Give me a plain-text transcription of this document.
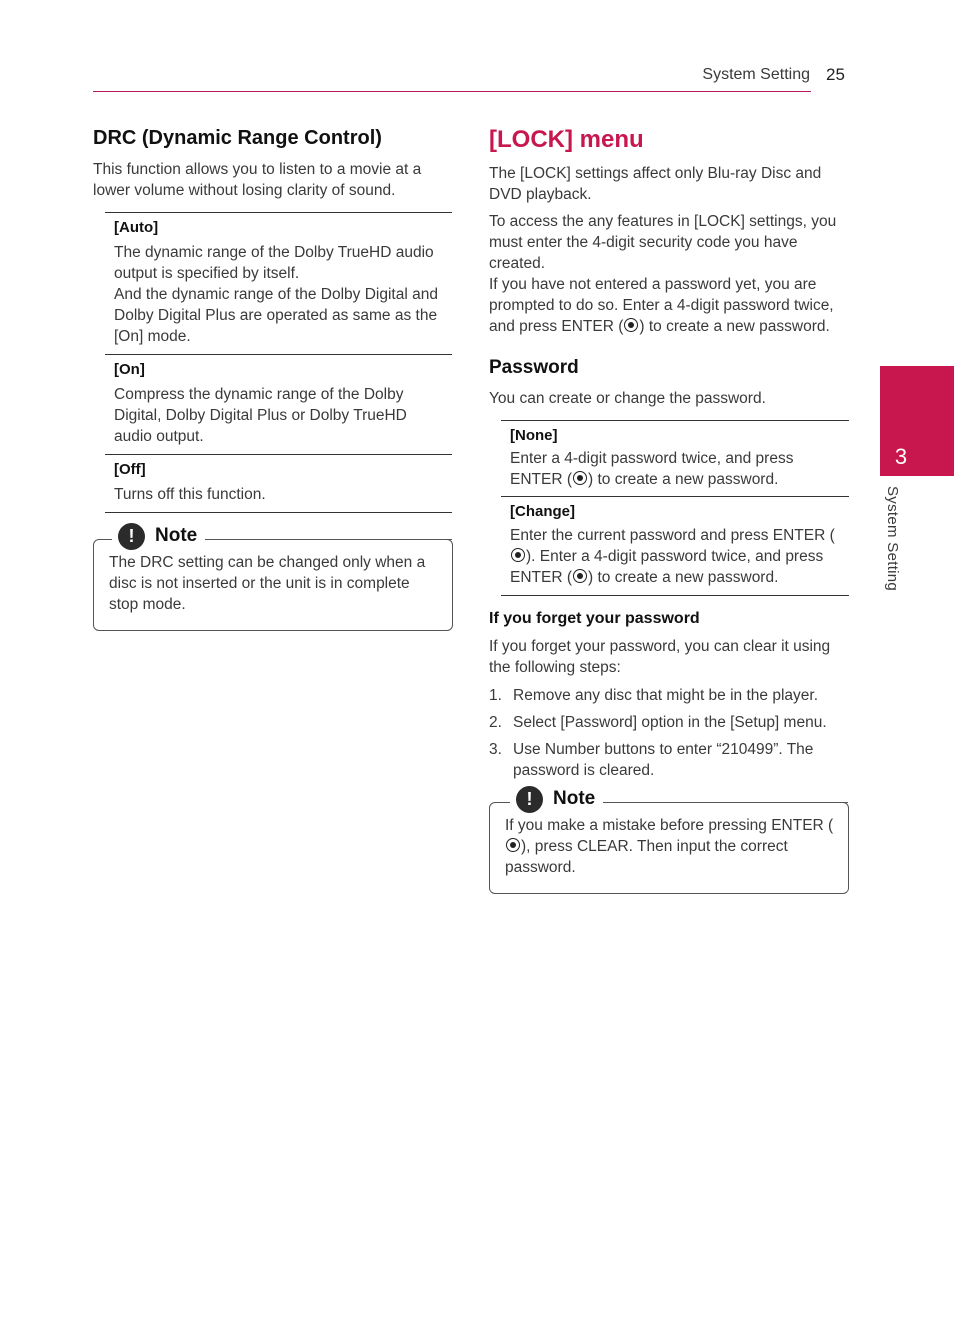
System Setting 25
3
System Setting
DRC (Dynamic Range Control)
This function allows you to listen to a movie at a lower volume without losing clarity of sound.
[Auto]
The dynamic range of the Dolby TrueHD audio output is specified by itself.
And the dynamic range of the Dolby Digital and Dolby Digital Plus are operated as same as the [On] mode.
[On]
Compress the dynamic range of the Dolby Digital, Dolby Digital Plus or Dolby TrueHD audio output.
[Off]
Turns off this function.
!	Note
The DRC setting can be changed only when a disc is not inserted or the unit is in complete stop mode.
[LOCK] menu
The [LOCK] settings affect only Blu-ray Disc and DVD playback.
To access the any features in [LOCK] settings, you must enter the 4-digit security code you have created.
If you have not entered a password yet, you are prompted to do so. Enter a 4-digit password twice, and press ENTER ( ) to create a new password.
Password
You can create or change the password.
[None]
Enter a 4-digit password twice, and press ENTER ( ) to create a new password.
[Change]
Enter the current password and press ENTER (). Enter a 4-digit password twice, and press ENTER ( ) to create a new password.
If you forget your password
If you forget your password, you can clear it using the following steps:
1. Remove any disc that might be in the player.
2. Select [Password] option in the [Setup] menu.
3. Use Number buttons to enter “210499”. The password is cleared.
!	Note
If you make a mistake before pressing ENTER (), press CLEAR. Then input the correct password.
